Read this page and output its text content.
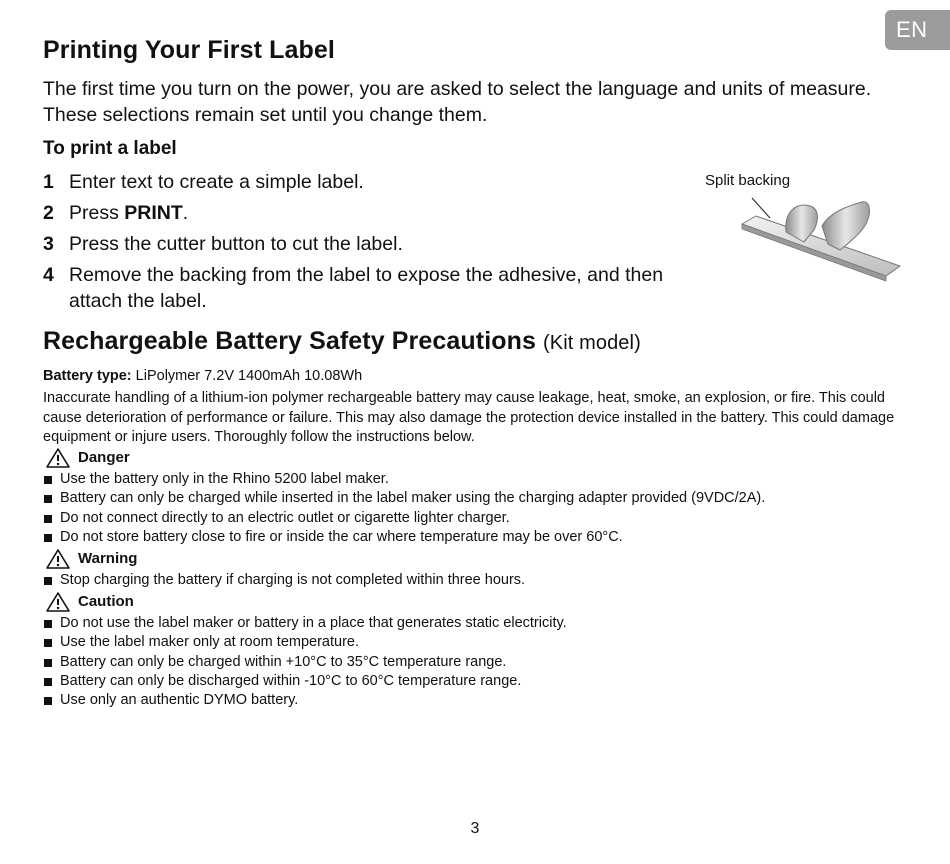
EN
Printing Your First Label

The first time you turn on the power, you are asked to select the language and units of measure. These selections remain set until you change them.

To print a label
1 Enter text to create a simple label.
2 Press PRINT.
3 Press the cutter button to cut the label.
4 Remove the backing from the label to expose the adhesive, and then attach the label.
Split backing
Rechargeable Battery Safety Precautions (Kit model)
Battery type: LiPolymer 7.2V 1400mAh 10.08Wh

Inaccurate handling of a lithium-ion polymer rechargeable battery may cause leakage, heat, smoke, an explosion, or fire. This could cause deterioration of performance or failure. This may also damage the protection device installed in the battery. This could damage equipment or injure users. Thoroughly follow the instructions below.

Danger
Use the battery only in the Rhino 5200 label maker.
Battery can only be charged while inserted in the label maker using the charging adapter provided (9VDC/2A).
Do not connect directly to an electric outlet or cigarette lighter charger.
Do not store battery close to fire or inside the car where temperature may be over 60°C.
Warning
Stop charging the battery if charging is not completed within three hours.
Caution
Do not use the label maker or battery in a place that generates static electricity.
Use the label maker only at room temperature.
Battery can only be charged within +10°C to 35°C temperature range.
Battery can only be discharged within -10°C to 60°C temperature range.
Use only an authentic DYMO battery.
3
